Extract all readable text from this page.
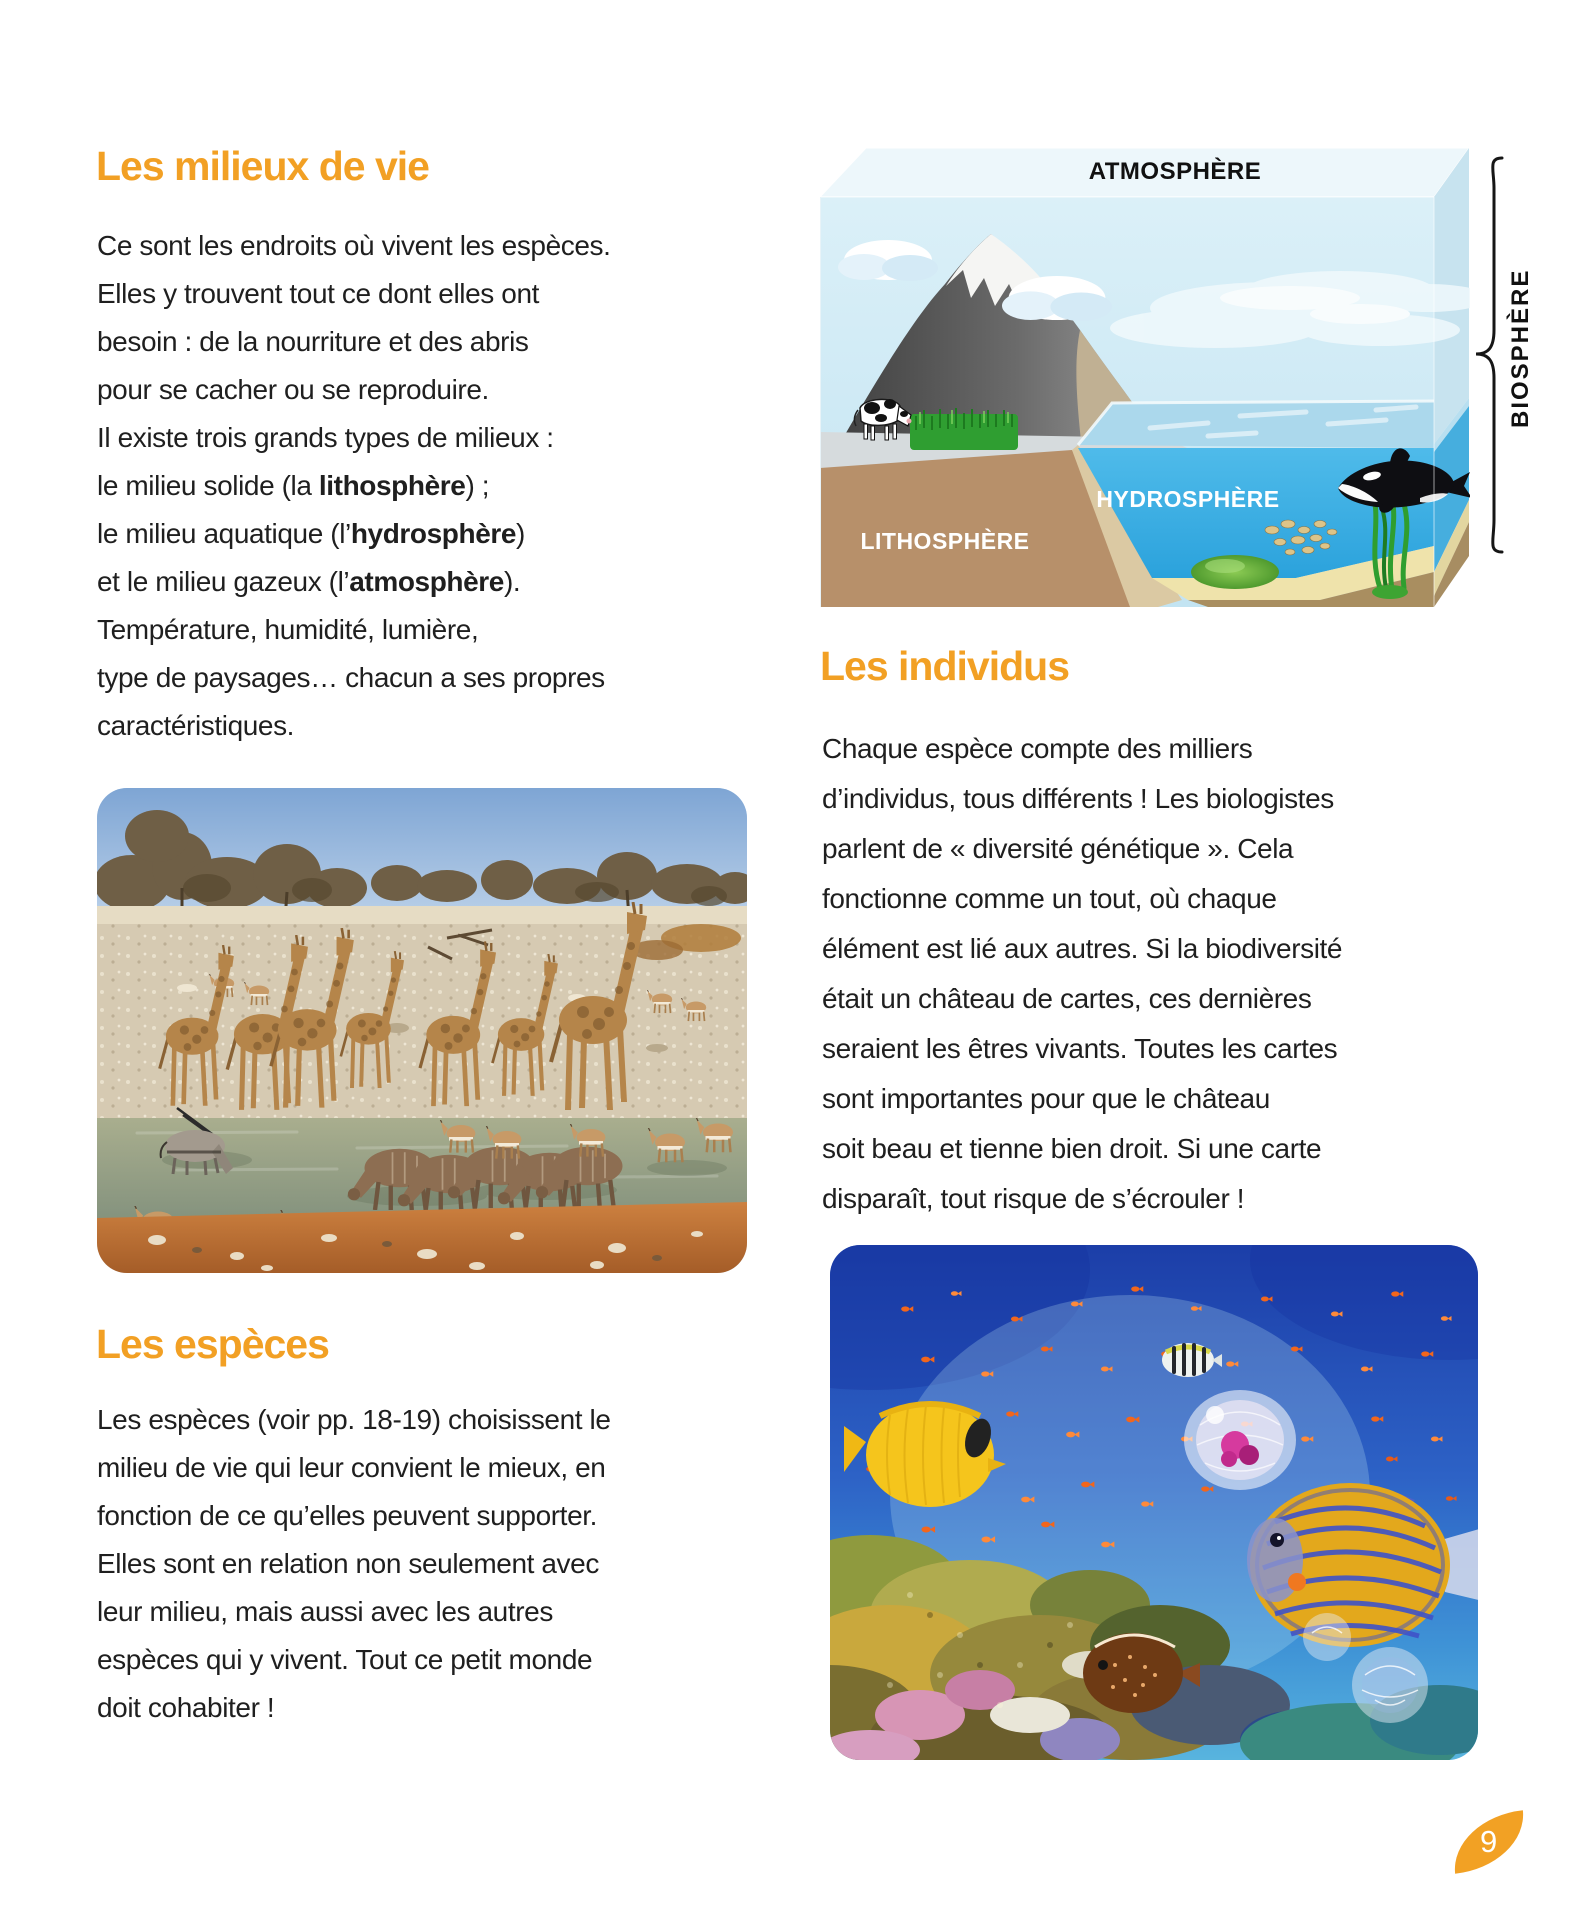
Les milieux de vie
Ce sont les endroits où vivent les espèces.
Elles y trouvent tout ce dont elles ont
besoin : de la nourriture et des abris
pour se cacher ou se reproduire.
Il existe trois grands types de milieux :
le milieu solide (la lithosphère) ;
le milieu aquatique (l’hydrosphère)
et le milieu gazeux (l’atmosphère).
Température, humidité, lumière,
type de paysages… chacun a ses propres
caractéristiques.
Les espèces
Les espèces (voir pp. 18-19) choisissent le
milieu de vie qui leur convient le mieux, en
fonction de ce qu’elles peuvent supporter.
Elles sont en relation non seulement avec
leur milieu, mais aussi avec les autres
espèces qui y vivent. Tout ce petit monde
doit cohabiter !
ATMOSPHÈRE
HYDROSPHÈRE
LITHOSPHÈRE
BIOSPHÈRE
Les individus
Chaque espèce compte des milliers
d’individus, tous différents ! Les biologistes
parlent de « diversité génétique ». Cela
fonctionne comme un tout, où chaque
élément est lié aux autres. Si la biodiversité
était un château de cartes, ces dernières
seraient les êtres vivants. Toutes les cartes
sont importantes pour que le château
soit beau et tienne bien droit. Si une carte
disparaît, tout risque de s’écrouler !
9
